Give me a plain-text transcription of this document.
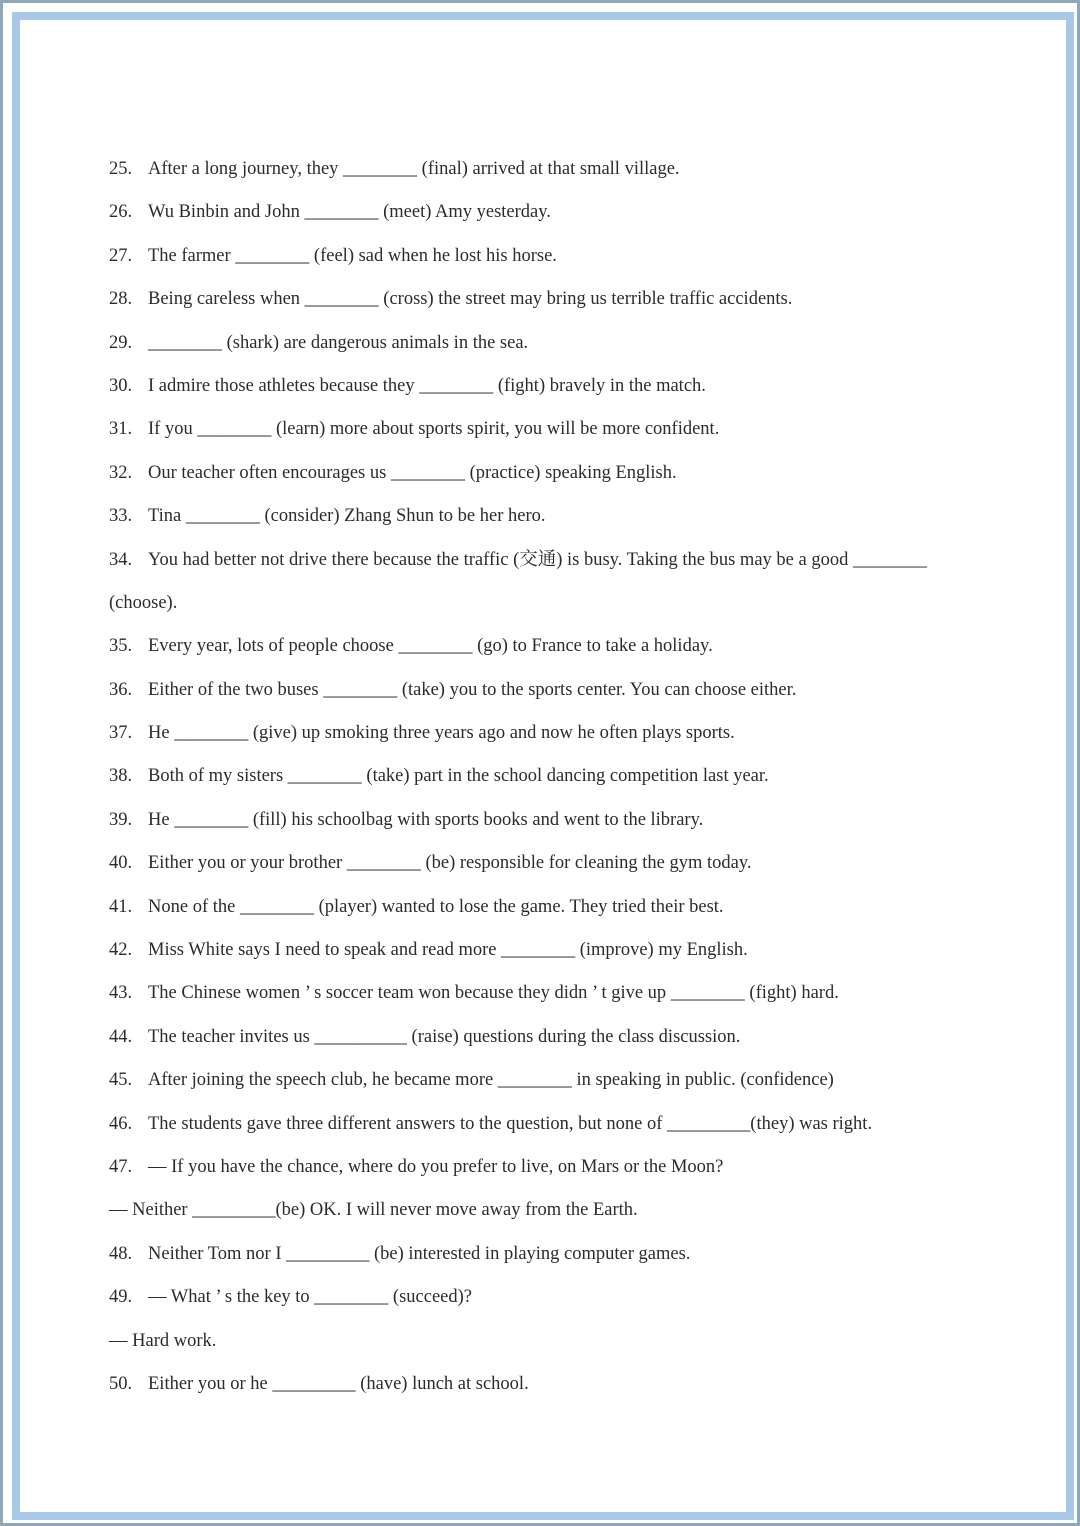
25. After a long journey, they ________ (final) arrived at that small village.
26. Wu Binbin and John ________ (meet) Amy yesterday.
27. The farmer ________ (feel) sad when he lost his horse.
28. Being careless when ________ (cross) the street may bring us terrible traffic accidents.
29. ________ (shark) are dangerous animals in the sea.
30. I admire those athletes because they ________ (fight) bravely in the match.
31. If you ________ (learn) more about sports spirit, you will be more confident.
32. Our teacher often encourages us ________ (practice) speaking English.
33. Tina ________ (consider) Zhang Shun to be her hero.
34. You had better not drive there because the traffic (交通) is busy. Taking the bus may be a good ________
(choose).
35. Every year, lots of people choose ________ (go) to France to take a holiday.
36. Either of the two buses ________ (take) you to the sports center. You can choose either.
37. He ________ (give) up smoking three years ago and now he often plays sports.
38. Both of my sisters ________ (take) part in the school dancing competition last year.
39. He ________ (fill) his schoolbag with sports books and went to the library.
40. Either you or your brother ________ (be) responsible for cleaning the gym today.
41. None of the ________ (player) wanted to lose the game. They tried their best.
42. Miss White says I need to speak and read more ________ (improve) my English.
43. The Chinese women ’ s soccer team won because they didn ’ t give up ________ (fight) hard.
44. The teacher invites us __________ (raise) questions during the class discussion.
45. After joining the speech club, he became more ________ in speaking in public. (confidence)
46. The students gave three different answers to the question, but none of _________(they) was right.
47. — If you have the chance, where do you prefer to live, on Mars or the Moon?
— Neither _________(be) OK. I will never move away from the Earth.
48. Neither Tom nor I _________ (be) interested in playing computer games.
49. — What ’ s the key to ________ (succeed)?
— Hard work.
50. Either you or he _________ (have) lunch at school.
